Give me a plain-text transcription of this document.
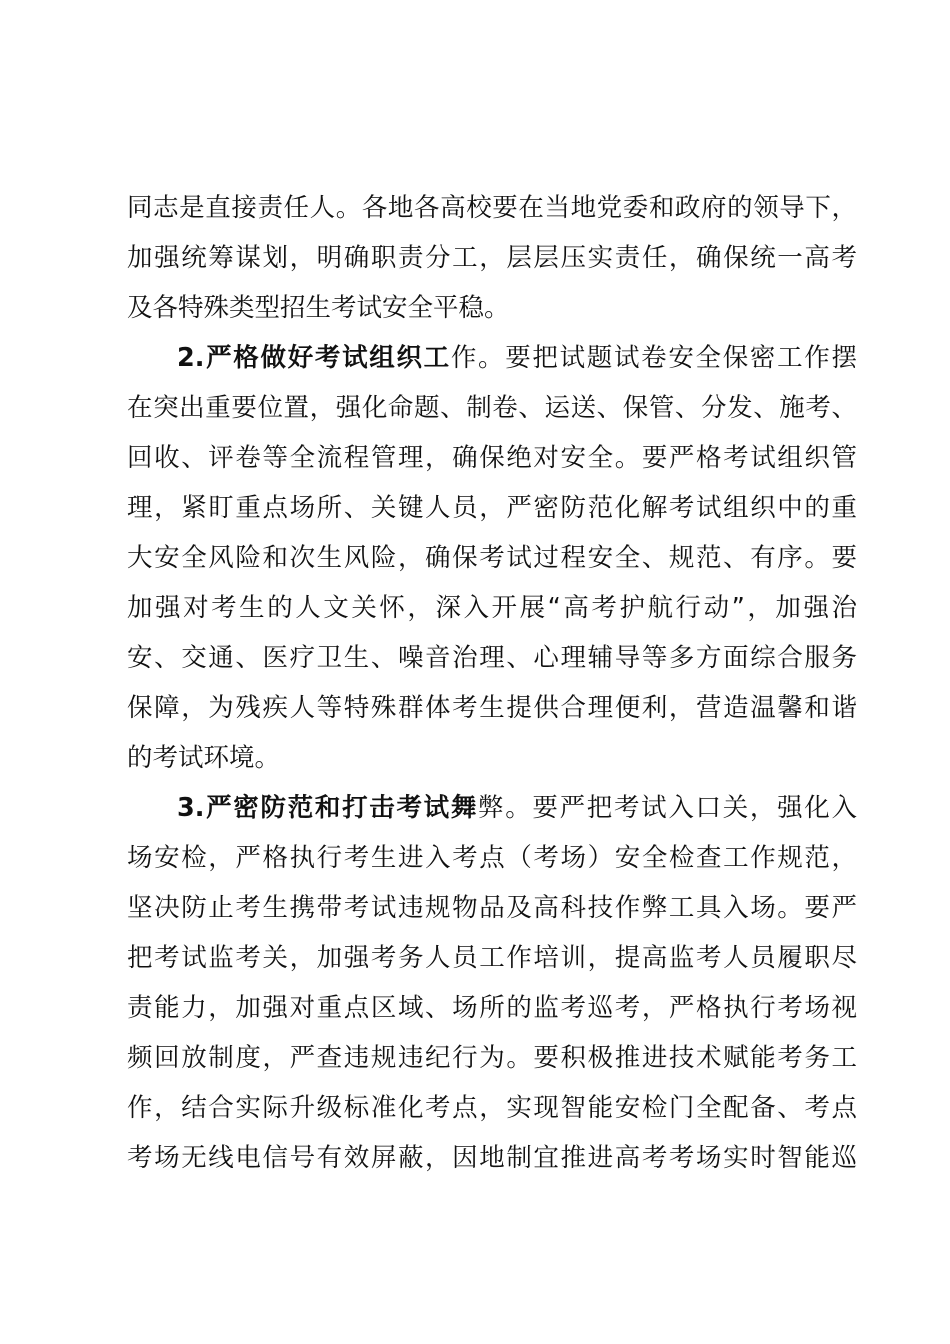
同志是直接责任人。各地各高校要在当地党委和政府的领导下，
加强统筹谋划，明确职责分工，层层压实责任，确保统一高考
及各特殊类型招生考试安全平稳。
2.严格做好考试组织工作。要把试题试卷安全保密工作摆
在突出重要位置，强化命题、制卷、运送、保管、分发、施考、
回收、评卷等全流程管理，确保绝对安全。要严格考试组织管
理，紧盯重点场所、关键人员，严密防范化解考试组织中的重
大安全风险和次生风险，确保考试过程安全、规范、有序。要
加强对考生的人文关怀，深入开展“高考护航行动”，加强治
安、交通、医疗卫生、噪音治理、心理辅导等多方面综合服务
保障，为残疾人等特殊群体考生提供合理便利，营造温馨和谐
的考试环境。
3.严密防范和打击考试舞弊。要严把考试入口关，强化入
场安检，严格执行考生进入考点（考场）安全检查工作规范，
坚决防止考生携带考试违规物品及高科技作弊工具入场。要严
把考试监考关，加强考务人员工作培训，提高监考人员履职尽
责能力，加强对重点区域、场所的监考巡考，严格执行考场视
频回放制度，严查违规违纪行为。要积极推进技术赋能考务工
作，结合实际升级标准化考点，实现智能安检门全配备、考点
考场无线电信号有效屏蔽，因地制宜推进高考考场实时智能巡
